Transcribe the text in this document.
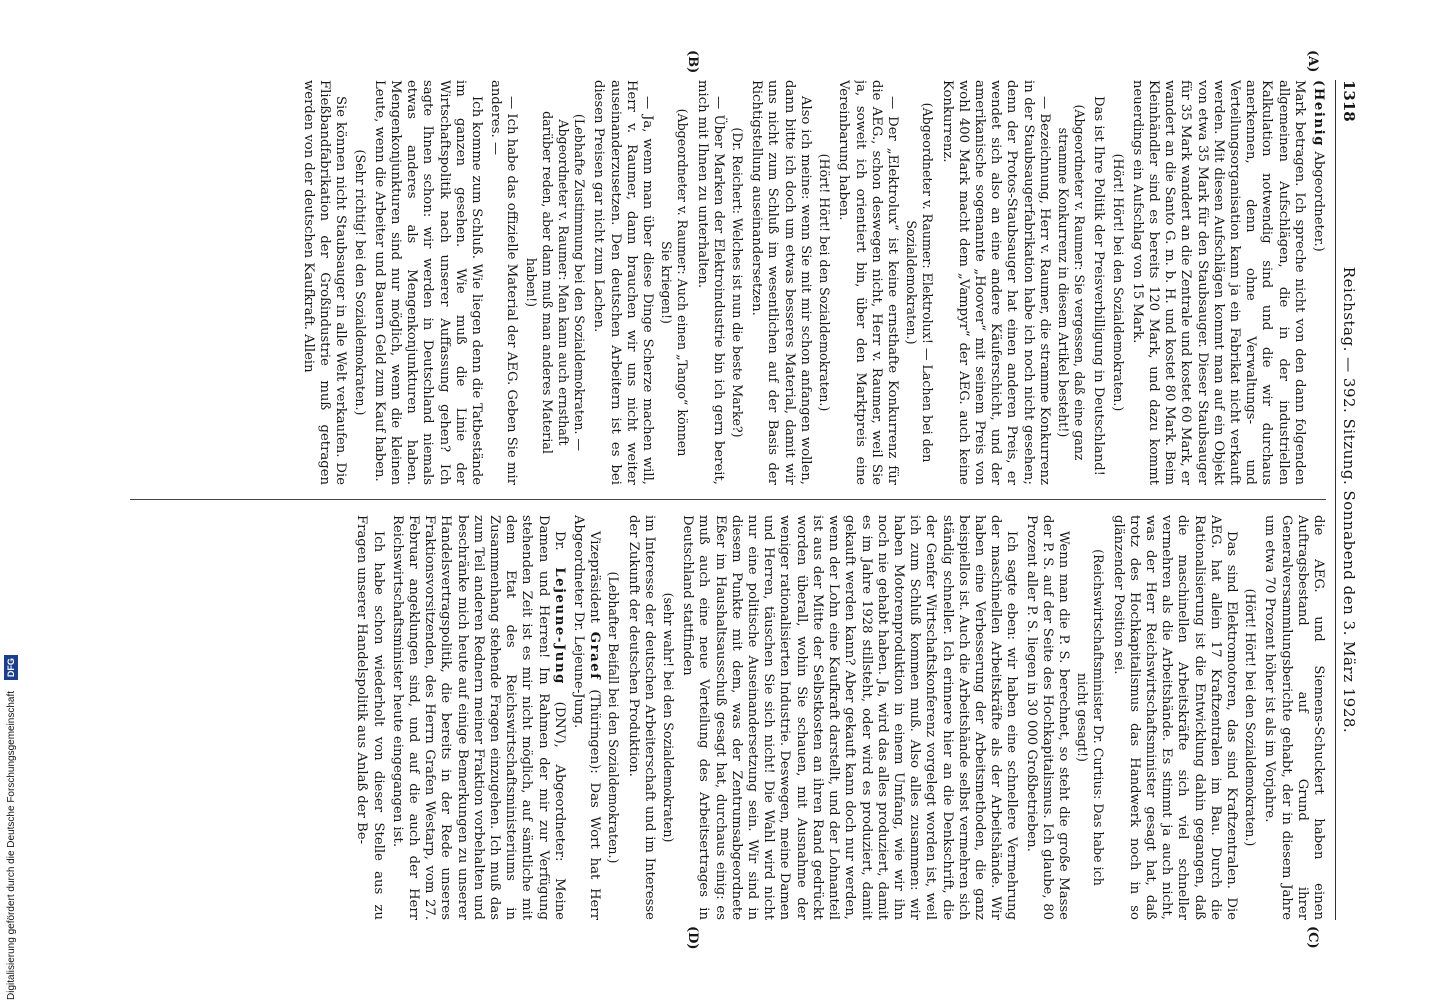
1318
Reichstag. — 392. Sitzung. Sonnabend den 3. März 1928.
(A)
(B)
(C)
(D)

(Heinig Abgeordneter.)

Mark betragen. Ich spreche nicht von den dann folgenden allgemeinen Aufschlägen, die in der industriellen Kalkulation notwendig sind und die wir durchaus anerkennen, denn ohne Verwaltungs- und Verteilungsorganisation kann ja ein Fabrikat nicht verkauft werden. Mit diesen Aufschlägen kommt man auf ein Objekt von etwa 35 Mark für den Staubsauger. Dieser Staubsauger für 35 Mark wandert an die Zentrale und kostet 60 Mark, er wandert an die Santo G. m. b. H. und kostet 80 Mark. Beim Kleinhändler sind es bereits 120 Mark, und dazu kommt neuerdings ein Aufschlag von 15 Mark.

(Hört! Hört! bei den Sozialdemokraten.)

Das ist Ihre Politik der Preisverbilligung in Deutschland!

(Abgeordneter v. Raumer: Sie vergessen, daß eine ganz stramme Konkurrenz in diesem Artikel besteht!)

— Bezeichnung, Herr v. Raumer, die stramme Konkurrenz in der Staubsaugerfabrikation habe ich noch nicht gesehen; denn der Protos-Staubsauger hat einen anderen Preis, er wendet sich also an eine andere Käuferschicht, und der amerikanische sogenannte „Hoover“ mit seinem Preis von wohl 400 Mark macht dem „Vampyr“ der AEG. auch keine Konkurrenz.

(Abgeordneter v. Raumer: Elektrolux! — Lachen bei den Sozialdemokraten.)

— Der „Elektrolux“ ist keine ernsthafte Konkurrenz für die AEG., schon deswegen nicht, Herr v. Raumer, weil Sie ja, soweit ich orientiert bin, über den Marktpreis eine Vereinbarung haben.

(Hört! Hört! bei den Sozialdemokraten.)

Also ich meine: wenn Sie mit mir schon anfangen wollen, dann bitte ich doch um etwas besseres Material, damit wir uns nicht zum Schluß im wesentlichen auf der Basis der Richtigstellung auseinandersetzen.

(Dr. Reichert: Welches ist nun die beste Marke?)

— Über Marken der Elektroindustrie bin ich gern bereit, mich mit Ihnen zu unterhalten.

(Abgeordneter v. Raumer: Auch einen „Tango“ können Sie kriegen!)

— Ja, wenn man über diese Dinge Scherze machen will, Herr v. Raumer, dann brauchen wir uns nicht weiter auseinanderzusetzen. Den deutschen Arbeitern ist es bei diesen Preisen gar nicht zum Lachen.

(Lebhafte Zustimmung bei den Sozialdemokraten. — Abgeordneter v. Raumer: Man kann auch ernsthaft darüber reden, aber dann muß man anderes Material haben!)

— Ich habe das offizielle Material der AEG. Geben Sie mir anderes. —

Ich komme zum Schluß. Wie liegen denn die Tatbestände im ganzen gesehen. Wie muß die Linie der Wirtschaftspolitik nach unserer Auffassung gehen? Ich sagte Ihnen schon: wir werden in Deutschland niemals etwas anderes als Mengenkonjunkturen haben. Mengenkonjunkturen sind nur möglich, wenn die kleinen Leute, wenn die Arbeiter und Bauern Geld zum Kauf haben.

(Sehr richtig! bei den Sozialdemokraten.)

Sie können nicht Staubsauger in alle Welt verkaufen. Die Fließbandfabrikation der Großindustrie muß getragen werden von der deutschen Kaufkraft. Allein

die AEG. und Siemens-Schuckert haben einen Auftragsbestand auf Grund ihrer Generalversammlungsberichte gehabt, der in diesem Jahre um etwa 70 Prozent höher ist als im Vorjahre.

(Hört! Hört! bei den Sozialdemokraten.)

Das sind Elektromotoren, das sind Kraftzentralen. Die AEG. hat allein 17 Kraftzentralen im Bau. Durch die Rationalisierung ist die Entwicklung dahin gegangen, daß die maschinellen Arbeitskräfte sich viel schneller vermehren als die Arbeitshände. Es stimmt ja auch nicht, was der Herr Reichswirtschaftsminister gesagt hat, daß trotz des Hochkapitalismus das Handwerk noch in so glänzender Position sei.

(Reichswirtschaftsminister Dr. Curtius: Das habe ich nicht gesagt!)

Wenn man die P. S. berechnet, so steht die große Masse der P. S. auf der Seite des Hochkapitalismus. Ich glaube, 80 Prozent aller P. S. liegen in 30 000 Großbetrieben.

Ich sagte eben: wir haben eine schnellere Vermehrung der maschinellen Arbeitskräfte als der Arbeitshände. Wir haben eine Verbesserung der Arbeitsmethoden, die ganz beispiellos ist. Auch die Arbeitshände selbst vermehren sich ständig schneller. Ich erinnere hier an die Denkschrift, die der Genfer Wirtschaftskonferenz vorgelegt worden ist, weil ich zum Schluß kommen muß. Also alles zusammen: wir haben Motorenproduktion in einem Umfang, wie wir ihn noch nie gehabt haben. Ja, wird das alles produziert, damit es im Jahre 1928 stillsteht, oder wird es produziert, damit gekauft werden kann? Aber gekauft kann doch nur werden, wenn der Lohn eine Kaufkraft darstellt, und der Lohnanteil ist aus der Mitte der Selbstkosten an ihren Rand gedrückt worden überall, wohin Sie schauen, mit Ausnahme der weniger rationalisierten Industrie. Deswegen, meine Damen und Herren, täuschen Sie sich nicht! Die Wahl wird nicht nur eine politische Auseinandersetzung sein. Wir sind in diesem Punkte mit dem, was der Zentrumsabgeordnete Eßer im Haushaltsausschuß gesagt hat, durchaus einig: es muß auch eine neue Verteilung des Arbeitsertrages in Deutschland stattfinden

(sehr wahr! bei den Sozialdemokraten)

im Interesse der deutschen Arbeiterschaft und im Interesse der Zukunft der deutschen Produktion.

(Lebhafter Beifall bei den Sozialdemokraten.)

Vizepräsident Graef (Thüringen): Das Wort hat Herr Abgeordneter Dr. Lejeune-Jung.

Dr. Lejeune-Jung (DNV), Abgeordneter: Meine Damen und Herren! Im Rahmen der mir zur Verfügung stehenden Zeit ist es mir nicht möglich, auf sämtliche mit dem Etat des Reichswirtschaftsministeriums in Zusammenhang stehende Fragen einzugehen. Ich muß das zum Teil anderen Rednern meiner Fraktion vorbehalten und beschränke mich heute auf einige Bemerkungen zu unserer Handelsvertragspolitik, die bereits in der Rede unseres Fraktionsvorsitzenden, des Herrn Grafen Westarp, vom 27. Februar angeklungen sind, und auf die auch der Herr Reichswirtschaftsminister heute eingegangen ist.

Ich habe schon wiederholt von dieser Stelle aus zu Fragen unserer Handelspolitik aus Anlaß der Be-

Digitalisierung gefördert durch die Deutsche Forschungsgemeinschaft DFG
